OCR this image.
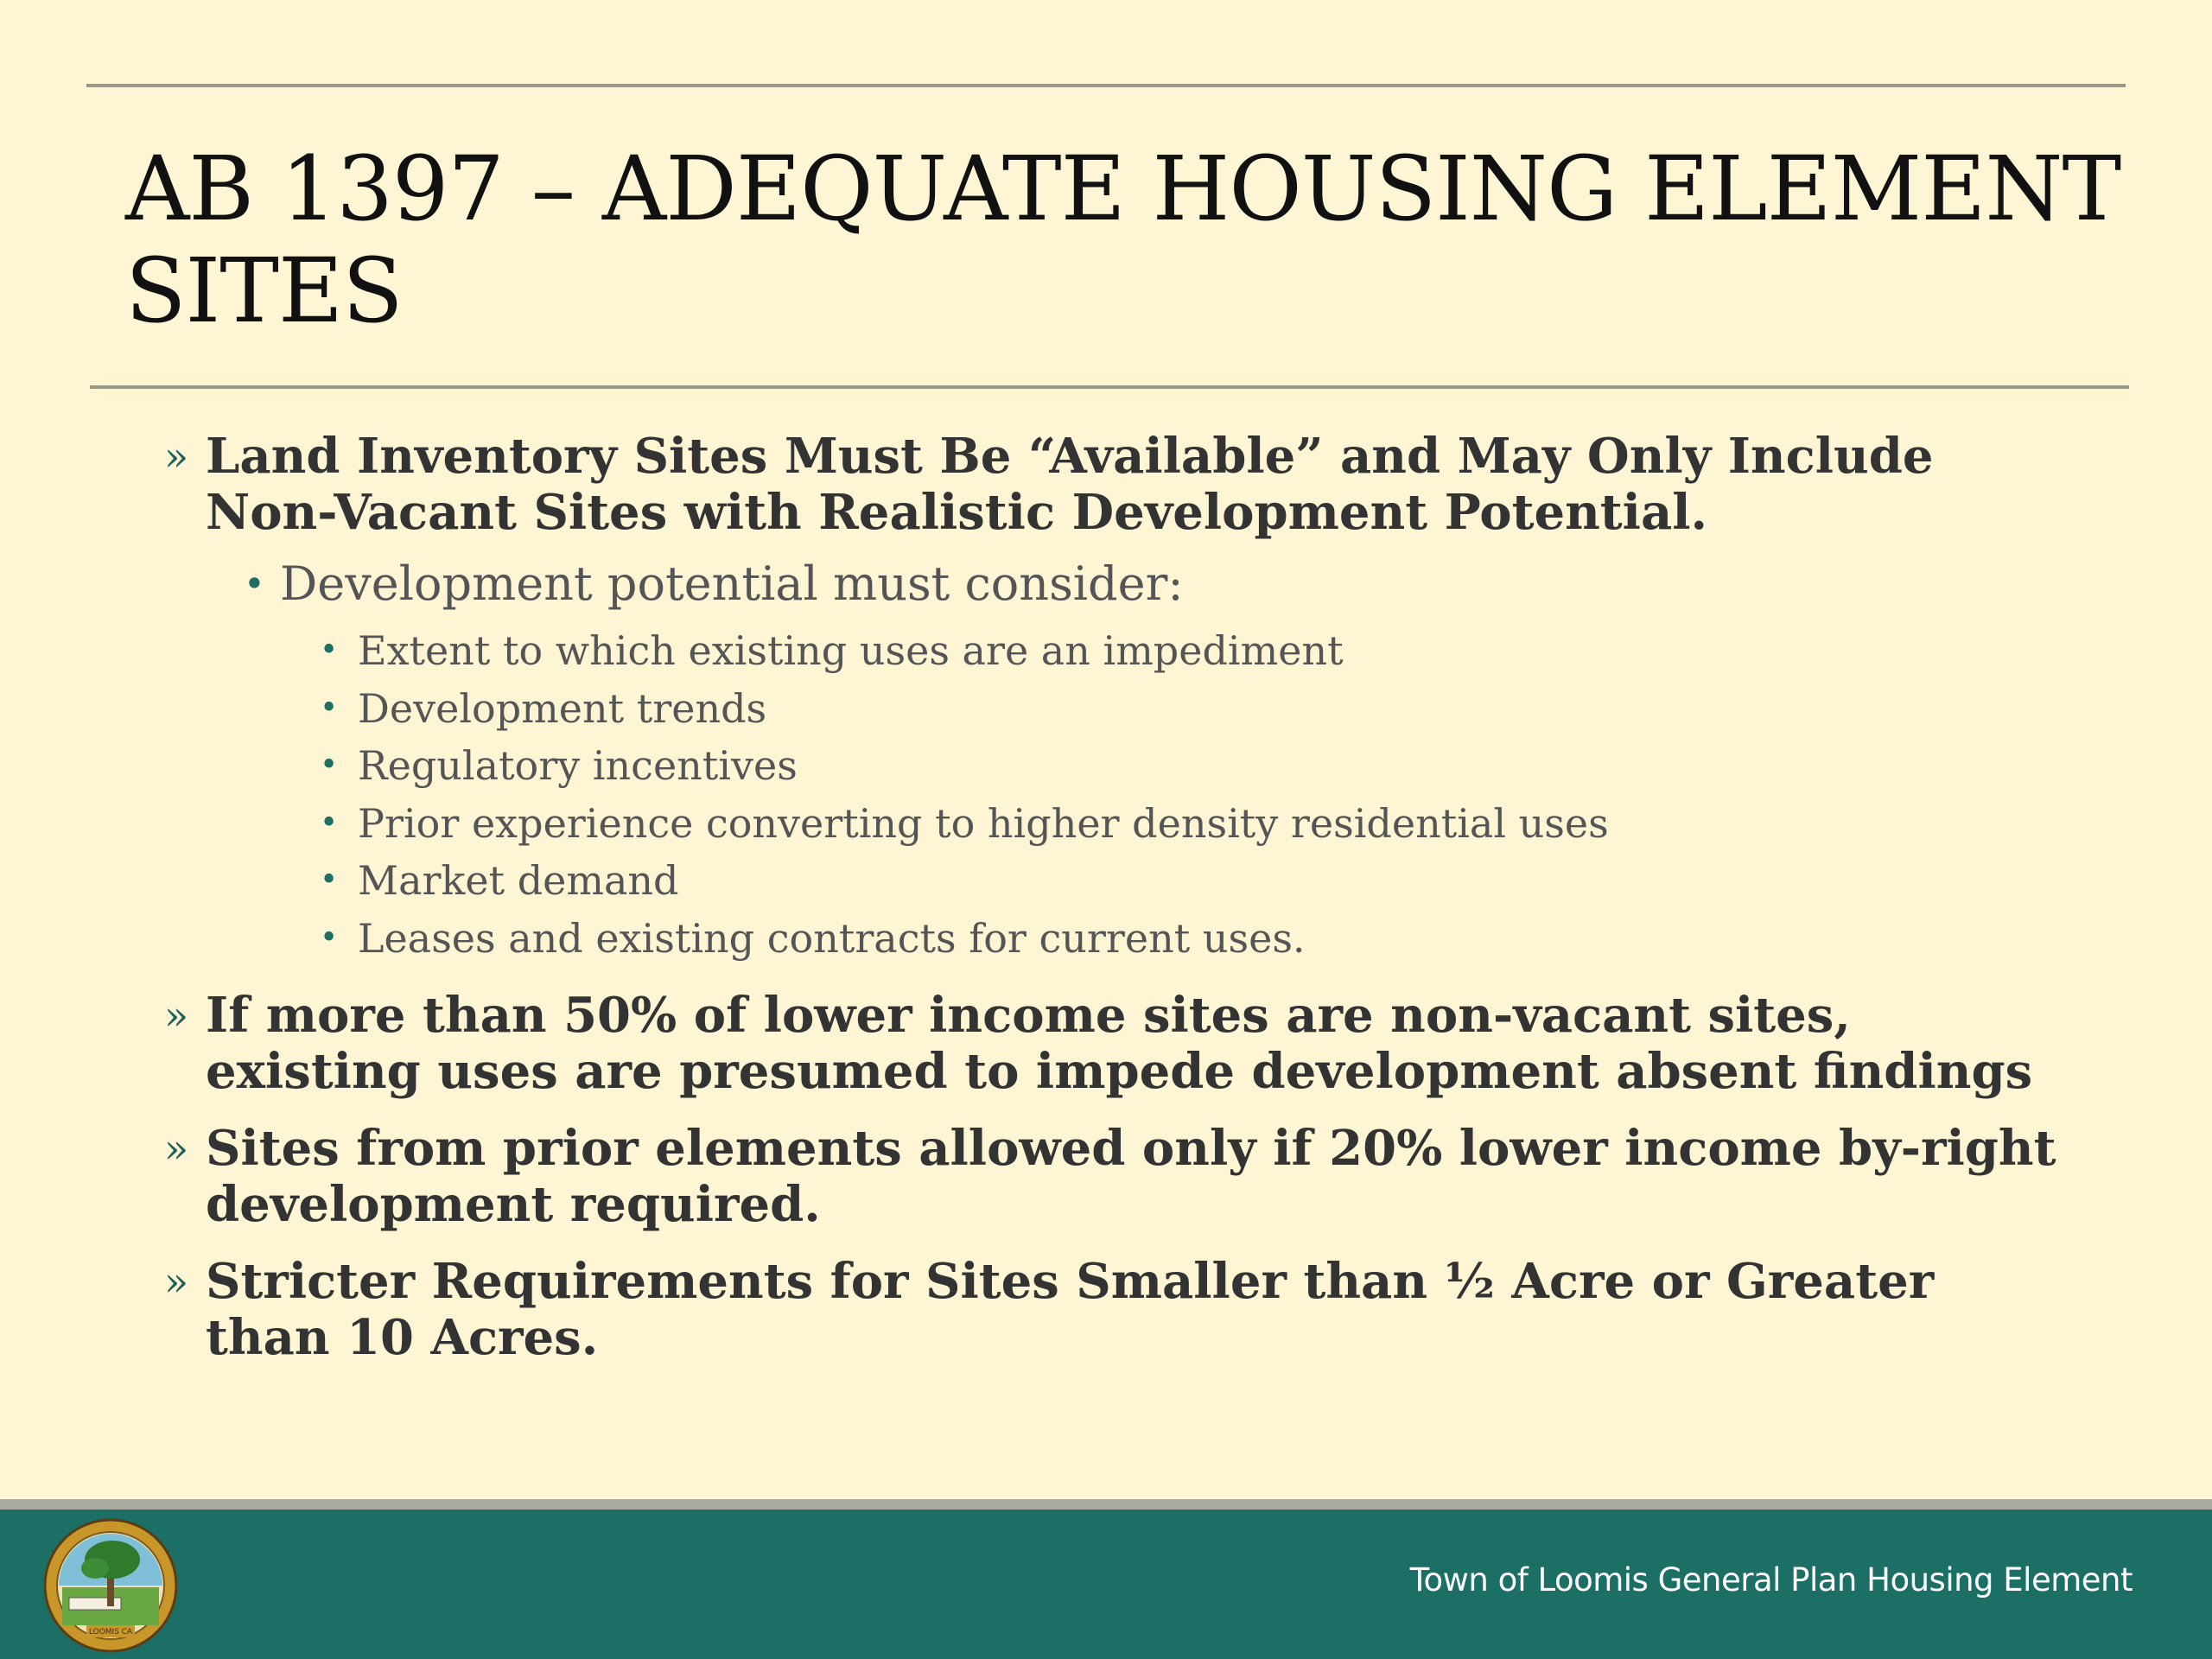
AB 1397 – ADEQUATE HOUSING ELEMENT SITES
» Land Inventory Sites Must Be “Available” and May Only Include Non-Vacant Sites with Realistic Development Potential.
• Development potential must consider:
• Extent to which existing uses are an impediment
• Development trends
• Regulatory incentives
• Prior experience converting to higher density residential uses
• Market demand
• Leases and existing contracts for current uses.
» If more than 50% of lower income sites are non-vacant sites, existing uses are presumed to impede development absent findings
» Sites from prior elements allowed only if 20% lower income by-right development required.
» Stricter Requirements for Sites Smaller than ½ Acre or Greater than 10 Acres.
LOOMIS CA
Town of Loomis General Plan Housing Element
